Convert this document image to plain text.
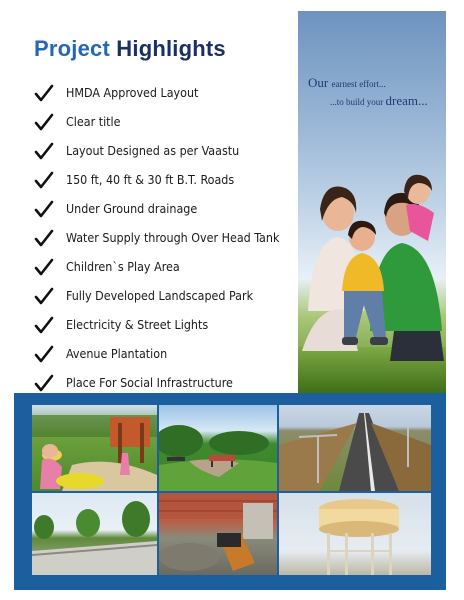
Project Highlights
HMDA Approved Layout
Clear title
Layout Designed as per Vaastu
150 ft, 40 ft & 30 ft B.T. Roads
Under Ground drainage
Water Supply through Over Head Tank
Children`s Play Area
Fully Developed Landscaped Park
Electricity & Street Lights
Avenue Plantation
Place For Social Infrastructure
Our earnest effort...
...to build your dream...
